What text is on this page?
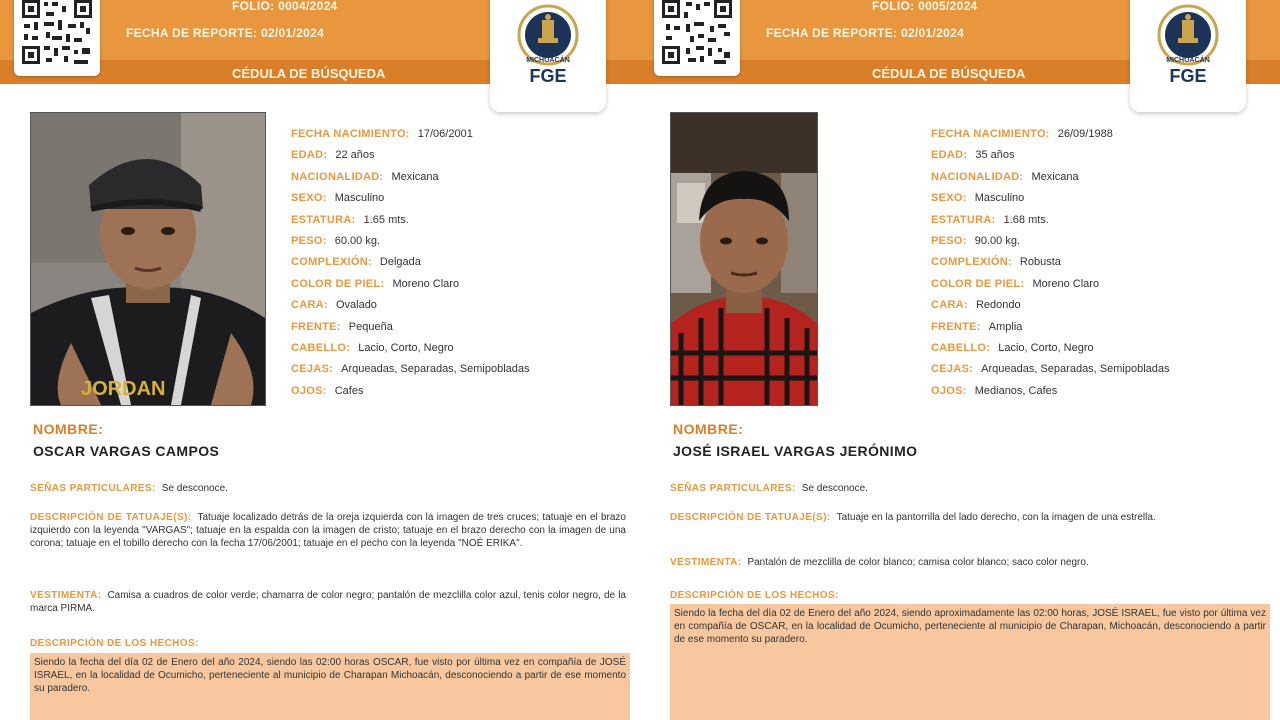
FOLIO: 0004/2024
FECHA DE REPORTE: 02/01/2024
CÉDULA DE BÚSQUEDA
MICHOACÁN
FGE
JORDAN
FECHA NACIMIENTO: 17/06/2001
EDAD: 22 años
NACIONALIDAD: Mexicana
SEXO: Masculino
ESTATURA: 1.65 mts.
PESO: 60.00 kg.
COMPLEXIÓN: Delgada
COLOR DE PIEL: Moreno Claro
CARA: Ovalado
FRENTE: Pequeña
CABELLO: Lacio, Corto, Negro
CEJAS: Arqueadas, Separadas, Semipobladas
OJOS: Cafes
NOMBRE:
OSCAR VARGAS CAMPOS
SEÑAS PARTICULARES: Se desconoce.
DESCRIPCIÓN DE TATUAJE(S): Tatuaje localizado detrás de la oreja izquierda con la imagen de tres cruces; tatuaje en el brazo izquierdo con la leyenda "VARGAS"; tatuaje en la espalda con la imagen de cristo; tatuaje en el brazo derecho con la imagen de una corona; tatuaje en el tobillo derecho con la fecha 17/06/2001; tatuaje en el pecho con la leyenda "NOÉ ERIKA".
VESTIMENTA: Camisa a cuadros de color verde; chamarra de color negro; pantalón de mezclilla color azul, tenis color negro, de la marca PIRMA.
DESCRIPCIÓN DE LOS HECHOS:
Siendo la fecha del día 02 de Enero del año 2024, siendo las 02:00 horas OSCAR, fue visto por última vez en compañía de JOSÉ ISRAEL, en la localidad de Ocumicho, perteneciente al municipio de Charapan Michoacán, desconociendo a partir de ese momento su paradero.
FOLIO: 0005/2024
FECHA DE REPORTE: 02/01/2024
CÉDULA DE BÚSQUEDA
MICHOACÁN
FGE
FECHA NACIMIENTO: 26/09/1988
EDAD: 35 años
NACIONALIDAD: Mexicana
SEXO: Masculino
ESTATURA: 1.68 mts.
PESO: 90.00 kg.
COMPLEXIÓN: Robusta
COLOR DE PIEL: Moreno Claro
CARA: Redondo
FRENTE: Amplia
CABELLO: Lacio, Corto, Negro
CEJAS: Arqueadas, Separadas, Semipobladas
OJOS: Medianos, Cafes
NOMBRE:
JOSÉ ISRAEL VARGAS JERÓNIMO
SEÑAS PARTICULARES: Se desconoce.
DESCRIPCIÓN DE TATUAJE(S): Tatuaje en la pantorrilla del lado derecho, con la imagen de una estrella.
VESTIMENTA: Pantalón de mezclilla de color blanco; camisa color blanco; saco color negro.
DESCRIPCIÓN DE LOS HECHOS:
Siendo la fecha del día 02 de Enero del año 2024, siendo aproximadamente las 02:00 horas, JOSÉ ISRAEL, fue visto por última vez en compañía de OSCAR, en la localidad de Ocumicho, perteneciente al municipio de Charapan, Michoacán, desconociendo a partir de ese momento su paradero.
